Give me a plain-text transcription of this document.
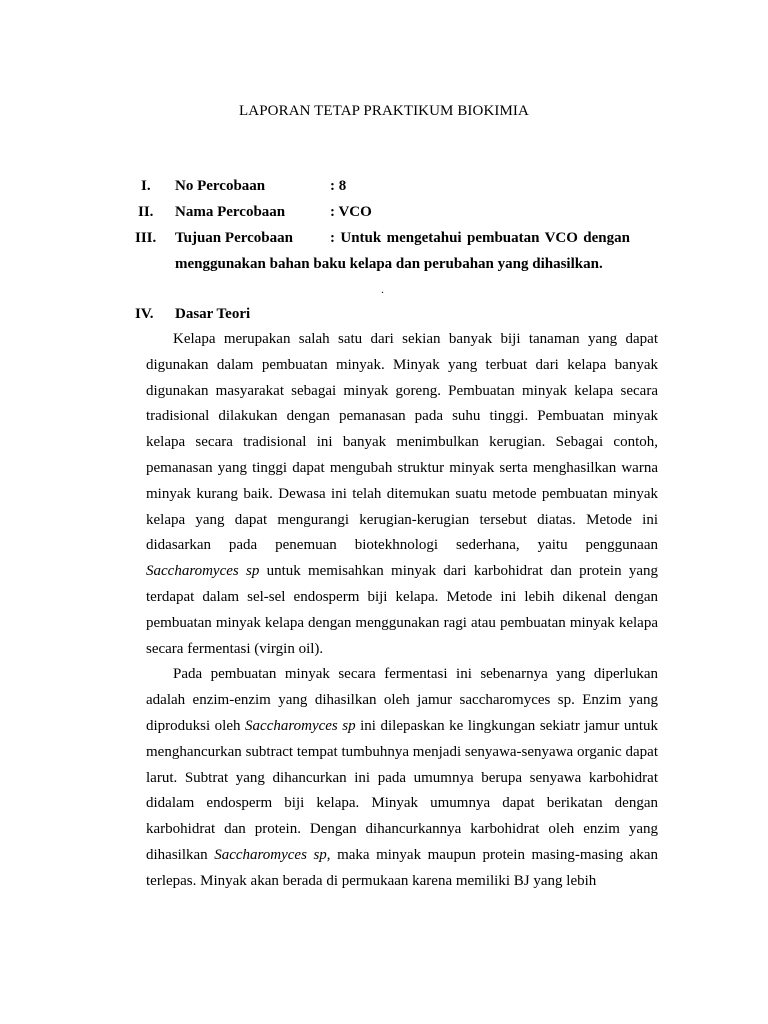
LAPORAN TETAP PRAKTIKUM BIOKIMIA
I.	No Percobaan	: 8
II.	Nama Percobaan	: VCO
III.	Tujuan Percobaan : Untuk mengetahui pembuatan VCO dengan
menggunakan bahan baku kelapa dan perubahan yang dihasilkan.
.
IV.	Dasar Teori

Kelapa merupakan salah satu dari sekian banyak biji tanaman yang dapat digunakan dalam pembuatan minyak. Minyak yang terbuat dari kelapa banyak digunakan masyarakat sebagai minyak goreng. Pembuatan minyak kelapa secara tradisional dilakukan dengan pemanasan pada suhu tinggi. Pembuatan minyak kelapa secara tradisional ini banyak menimbulkan kerugian. Sebagai contoh, pemanasan yang tinggi dapat mengubah struktur minyak serta menghasilkan warna minyak kurang baik. Dewasa ini telah ditemukan suatu metode pembuatan minyak kelapa yang dapat mengurangi kerugian-kerugian tersebut diatas. Metode ini didasarkan pada penemuan biotekhnologi sederhana, yaitu penggunaan Saccharomyces sp untuk memisahkan minyak dari karbohidrat dan protein yang terdapat dalam sel-sel endosperm biji kelapa. Metode ini lebih dikenal dengan pembuatan minyak kelapa dengan menggunakan ragi atau pembuatan minyak kelapa secara fermentasi (virgin oil).

Pada pembuatan minyak secara fermentasi ini sebenarnya yang diperlukan adalah enzim-enzim yang dihasilkan oleh jamur saccharomyces sp. Enzim yang diproduksi oleh Saccharomyces sp ini dilepaskan ke lingkungan sekiatr jamur untuk menghancurkan subtract tempat tumbuhnya menjadi senyawa-senyawa organic dapat larut. Subtrat yang dihancurkan ini pada umumnya berupa senyawa karbohidrat didalam endosperm biji kelapa. Minyak umumnya dapat berikatan dengan karbohidrat dan protein. Dengan dihancurkannya karbohidrat oleh enzim yang dihasilkan Saccharomyces sp, maka minyak maupun protein masing-masing akan terlepas. Minyak akan berada di permukaan karena memiliki BJ yang lebih
